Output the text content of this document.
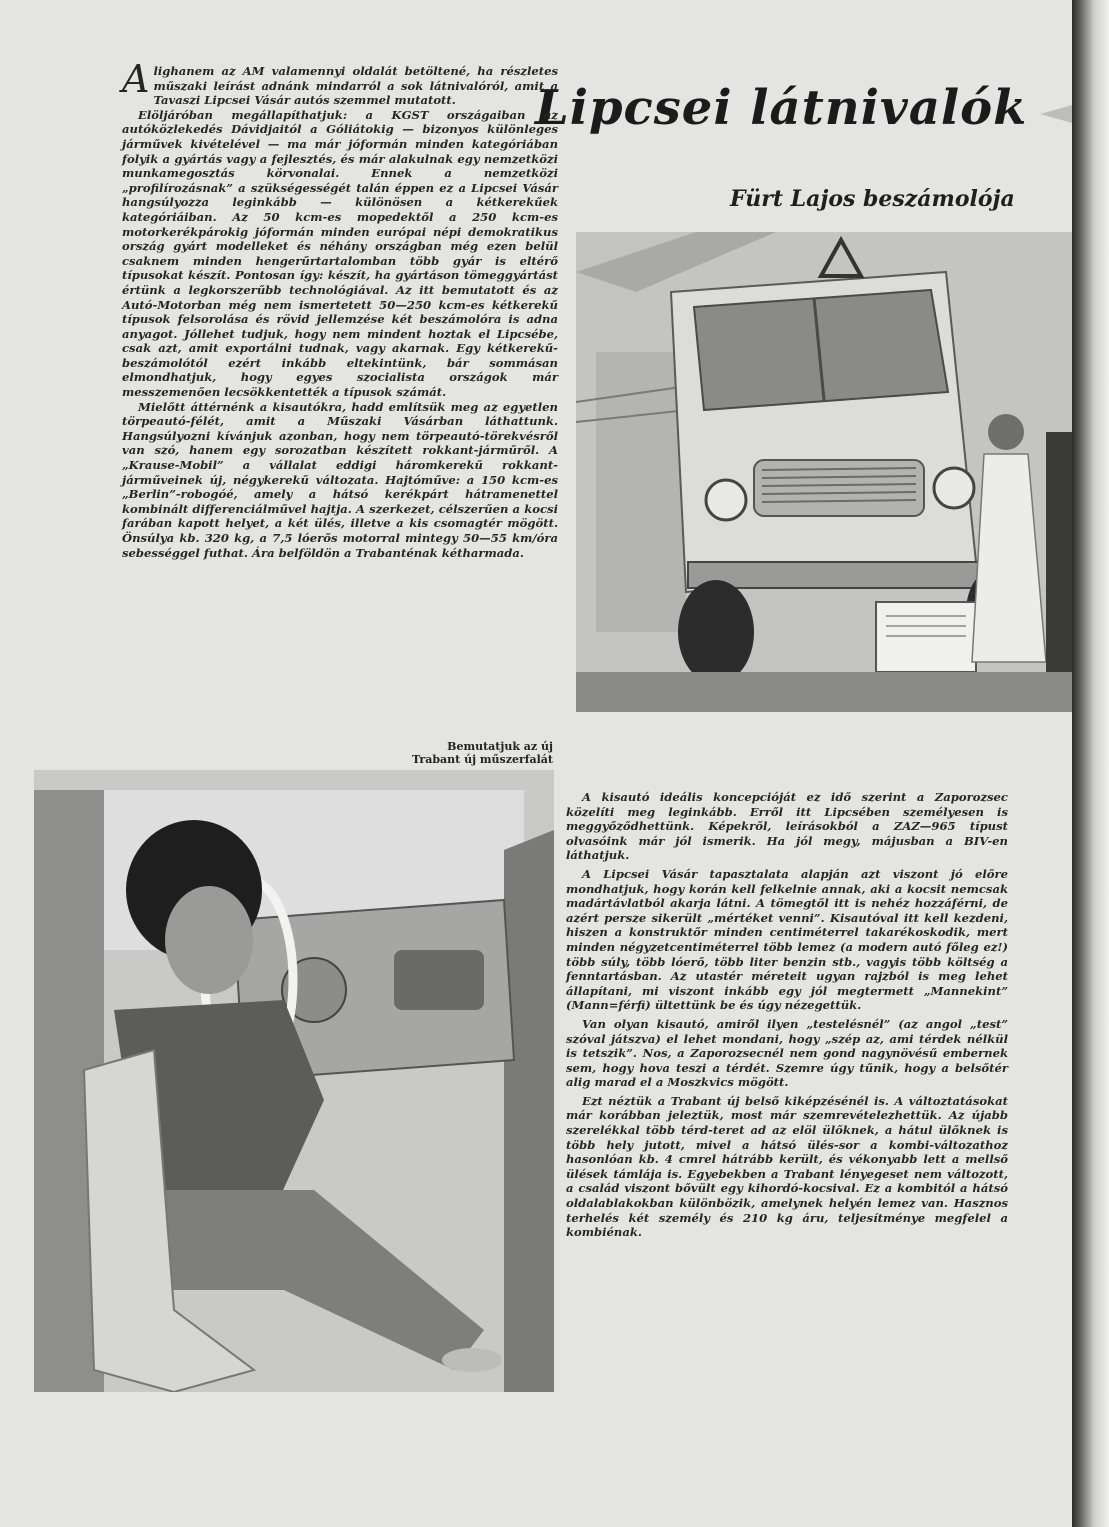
Lipcsei látnivalók
Fürt Lajos beszámolója

Alighanem az AM valamennyi oldalát betöltené, ha részletes műszaki leírást adnánk mindarról a sok látnivalóról, amit a Tavaszi Lipcsei Vásár autós szemmel mutatott.

Elöljáróban megállapíthatjuk: a KGST országaiban az autóközlekedés Dávidjaitól a Góliátokig — bizonyos különleges járművek kivételével — ma már jóformán minden kategóriában folyik a gyártás vagy a fejlesztés, és már alakulnak egy nemzetközi munkamegosztás körvonalai. Ennek a nemzetközi „profilírozásnak” a szükségességét talán éppen ez a Lipcsei Vásár hangsúlyozza leginkább — különösen a kétkerekűek kategóriáiban. Az 50 kcm-es mopedektől a 250 kcm-es motorkerékpárokig jóformán minden európai népi demokratikus ország gyárt modelleket és néhány országban még ezen belül csaknem minden hengerűrtartalomban több gyár is eltérő típusokat készít. Pontosan így: készít, ha gyártáson tömeggyártást értünk a legkorszerűbb technológiával. Az itt bemutatott és az Autó-Motorban még nem ismertetett 50—250 kcm-es kétkerekű típusok felsorolása és rövid jellemzése két beszámolóra is adna anyagot. Jóllehet tudjuk, hogy nem mindent hoztak el Lipcsébe, csak azt, amit exportálni tudnak, vagy akarnak. Egy kétkerekű-beszámolótól ezért inkább eltekintünk, bár sommásan elmondhatjuk, hogy egyes szocialista országok már messzemenően lecsökkentették a típusok számát.

Mielőtt áttérnénk a kisautókra, hadd említsük meg az egyetlen törpeautó-félét, amit a Műszaki Vásárban láthattunk. Hangsúlyozni kívánjuk azonban, hogy nem törpeautó-törekvésről van szó, hanem egy sorozatban készített rokkant-járműről. A „Krause-Mobil” a vállalat eddigi háromkerekű rokkant-járműveinek új, négykerekű változata. Hajtóműve: a 150 kcm-es „Berlin”-robogóé, amely a hátsó kerékpárt hátramenettel kombinált differenciálművel hajtja. A szerkezet, célszerűen a kocsi farában kapott helyet, a két ülés, illetve a kis csomagtér mögött. Önsúlya kb. 320 kg, a 7,5 lóerős motorral mintegy 50—55 km/óra sebességgel futhat. Ára belföldön a Trabanténak kétharmada.

Bemutatjuk az új Trabant új műszerfalát

A kisautó ideális koncepcióját ez idő szerint a Zaporozsec közelíti meg leginkább. Erről itt Lipcsében személyesen is meggyőződhettünk. Képekről, leírásokból a ZAZ—965 típust olvasóink már jól ismerik. Ha jól megy, májusban a BIV-en láthatjuk.

A Lipcsei Vásár tapasztalata alapján azt viszont jó előre mondhatjuk, hogy korán kell felkelnie annak, aki a kocsit nemcsak madártávlatból akarja látni. A tömegtől itt is nehéz hozzáférni, de azért persze sikerült „mértéket venni”. Kisautóval itt kell kezdeni, hiszen a konstruktőr minden centiméterrel takarékoskodik, mert minden négyzetcentiméterrel több lemez (a modern autó főleg ez!) több súly, több lóerő, több liter benzin stb., vagyis több költség a fenntartásban. Az utastér méreteit ugyan rajzból is meg lehet állapítani, mi viszont inkább egy jól megtermett „Mannekint” (Mann=férfi) ültettünk be és úgy nézegettük.

Van olyan kisautó, amiről ilyen „testelésnél” (az angol „test” szóval játszva) el lehet mondani, hogy „szép az, ami térdek nélkül is tetszik”. Nos, a Zaporozsecnél nem gond nagynövésű embernek sem, hogy hova teszi a térdét. Szemre úgy tűnik, hogy a belsőtér alig marad el a Moszkvics mögött.

Ezt néztük a Trabant új belső kiképzésénél is. A változtatásokat már korábban jeleztük, most már szemrevételezhettük. Az újabb szerelékkal több térd-teret ad az elöl ülőknek, a hátul ülőknek is több hely jutott, mivel a hátsó ülés-sor a kombi-változathoz hasonlóan kb. 4 cmrel hátrább került, és vékonyabb lett a mellső ülések támlája is. Egyebekben a Trabant lényegeset nem változott, a család viszont bővült egy kihordó-kocsival. Ez a kombitól a hátsó oldalablakokban különbözik, amelynek helyén lemez van. Hasznos terhelés két személy és 210 kg áru, teljesítménye megfelel a kombiénak.
